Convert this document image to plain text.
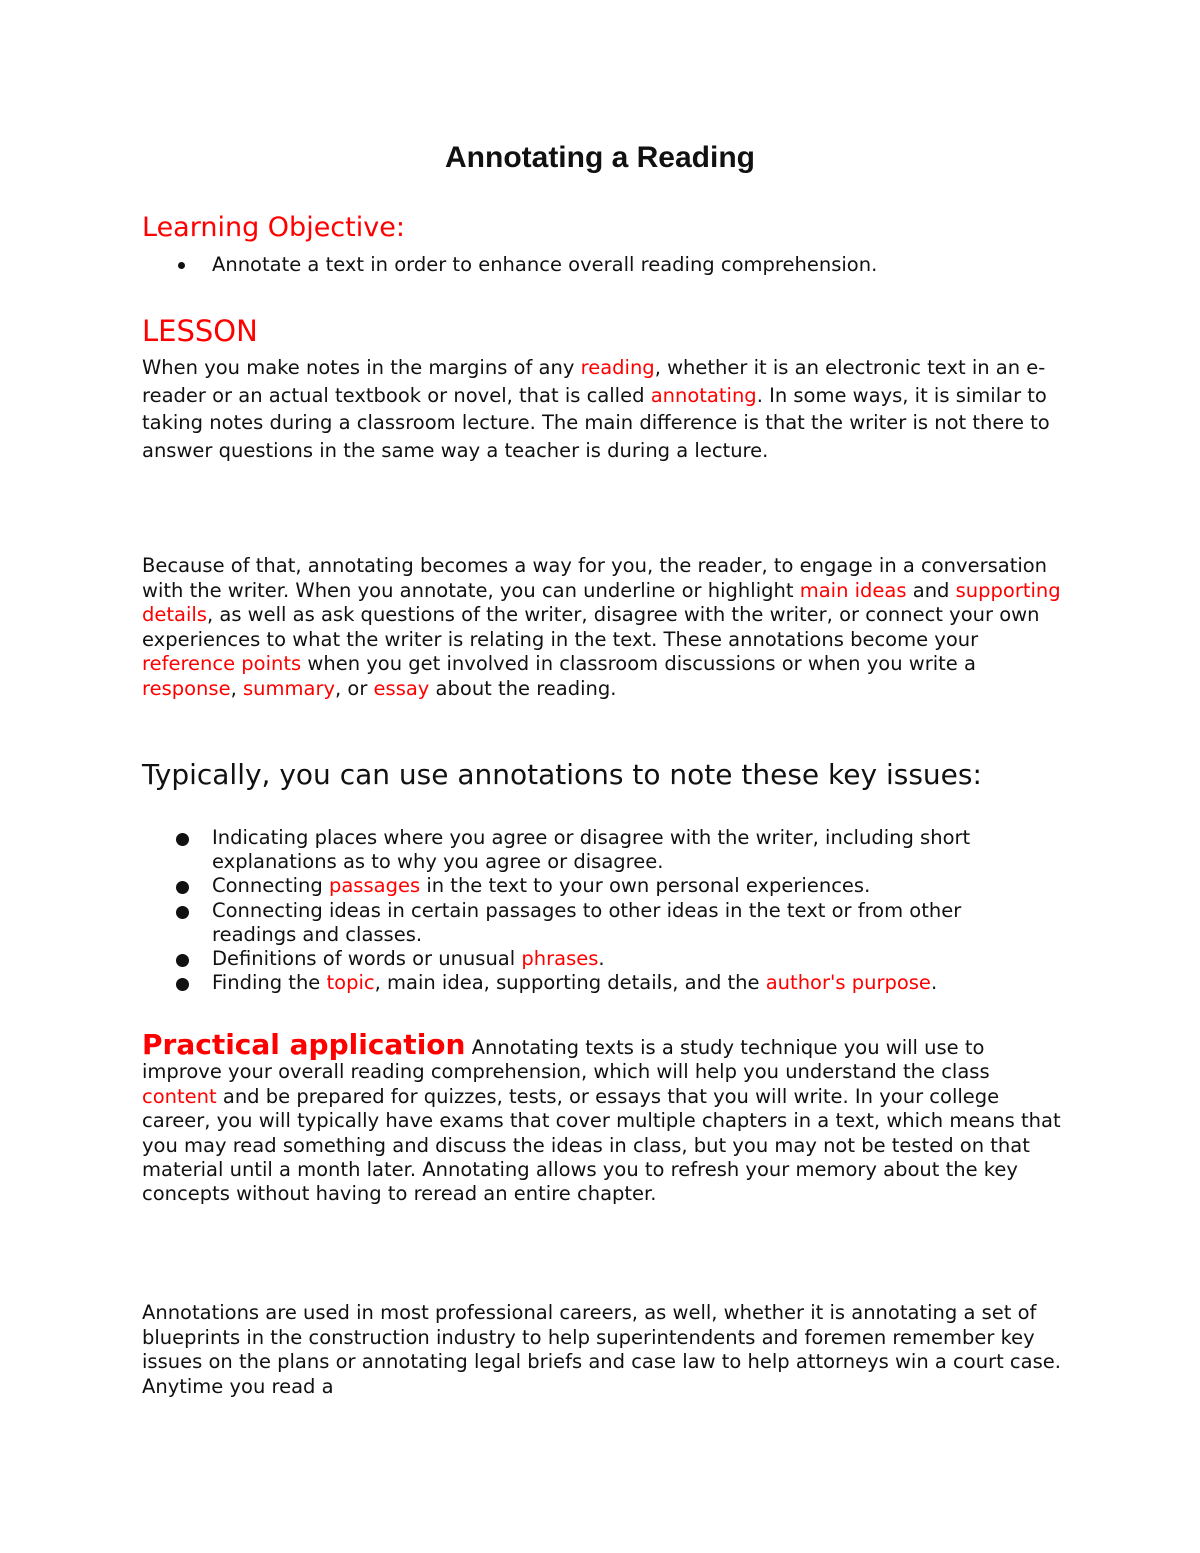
Annotating a Reading
Learning Objective:
Annotate a text in order to enhance overall reading comprehension.
LESSON

When you make notes in the margins of any reading, whether it is an electronic text in an e-reader or an actual textbook or novel, that is called annotating. In some ways, it is similar to taking notes during a classroom lecture. The main difference is that the writer is not there to answer questions in the same way a teacher is during a lecture.

Because of that, annotating becomes a way for you, the reader, to engage in a conversation with the writer. When you annotate, you can underline or highlight main ideas and supporting details, as well as ask questions of the writer, disagree with the writer, or connect your own experiences to what the writer is relating in the text. These annotations become your reference points when you get involved in classroom discussions or when you write a response, summary, or essay about the reading.

Typically, you can use annotations to note these key issues:
Indicating places where you agree or disagree with the writer, including short explanations as to why you agree or disagree.
Connecting passages in the text to your own personal experiences.
Connecting ideas in certain passages to other ideas in the text or from other readings and classes.
Definitions of words or unusual phrases.
Finding the topic, main idea, supporting details, and the author's purpose.

Practical application Annotating texts is a study technique you will use to improve your overall reading comprehension, which will help you understand the class content and be prepared for quizzes, tests, or essays that you will write. In your college career, you will typically have exams that cover multiple chapters in a text, which means that you may read something and discuss the ideas in class, but you may not be tested on that material until a month later. Annotating allows you to refresh your memory about the key concepts without having to reread an entire chapter.

Annotations are used in most professional careers, as well, whether it is annotating a set of blueprints in the construction industry to help superintendents and foremen remember key issues on the plans or annotating legal briefs and case law to help attorneys win a court case. Anytime you read a
